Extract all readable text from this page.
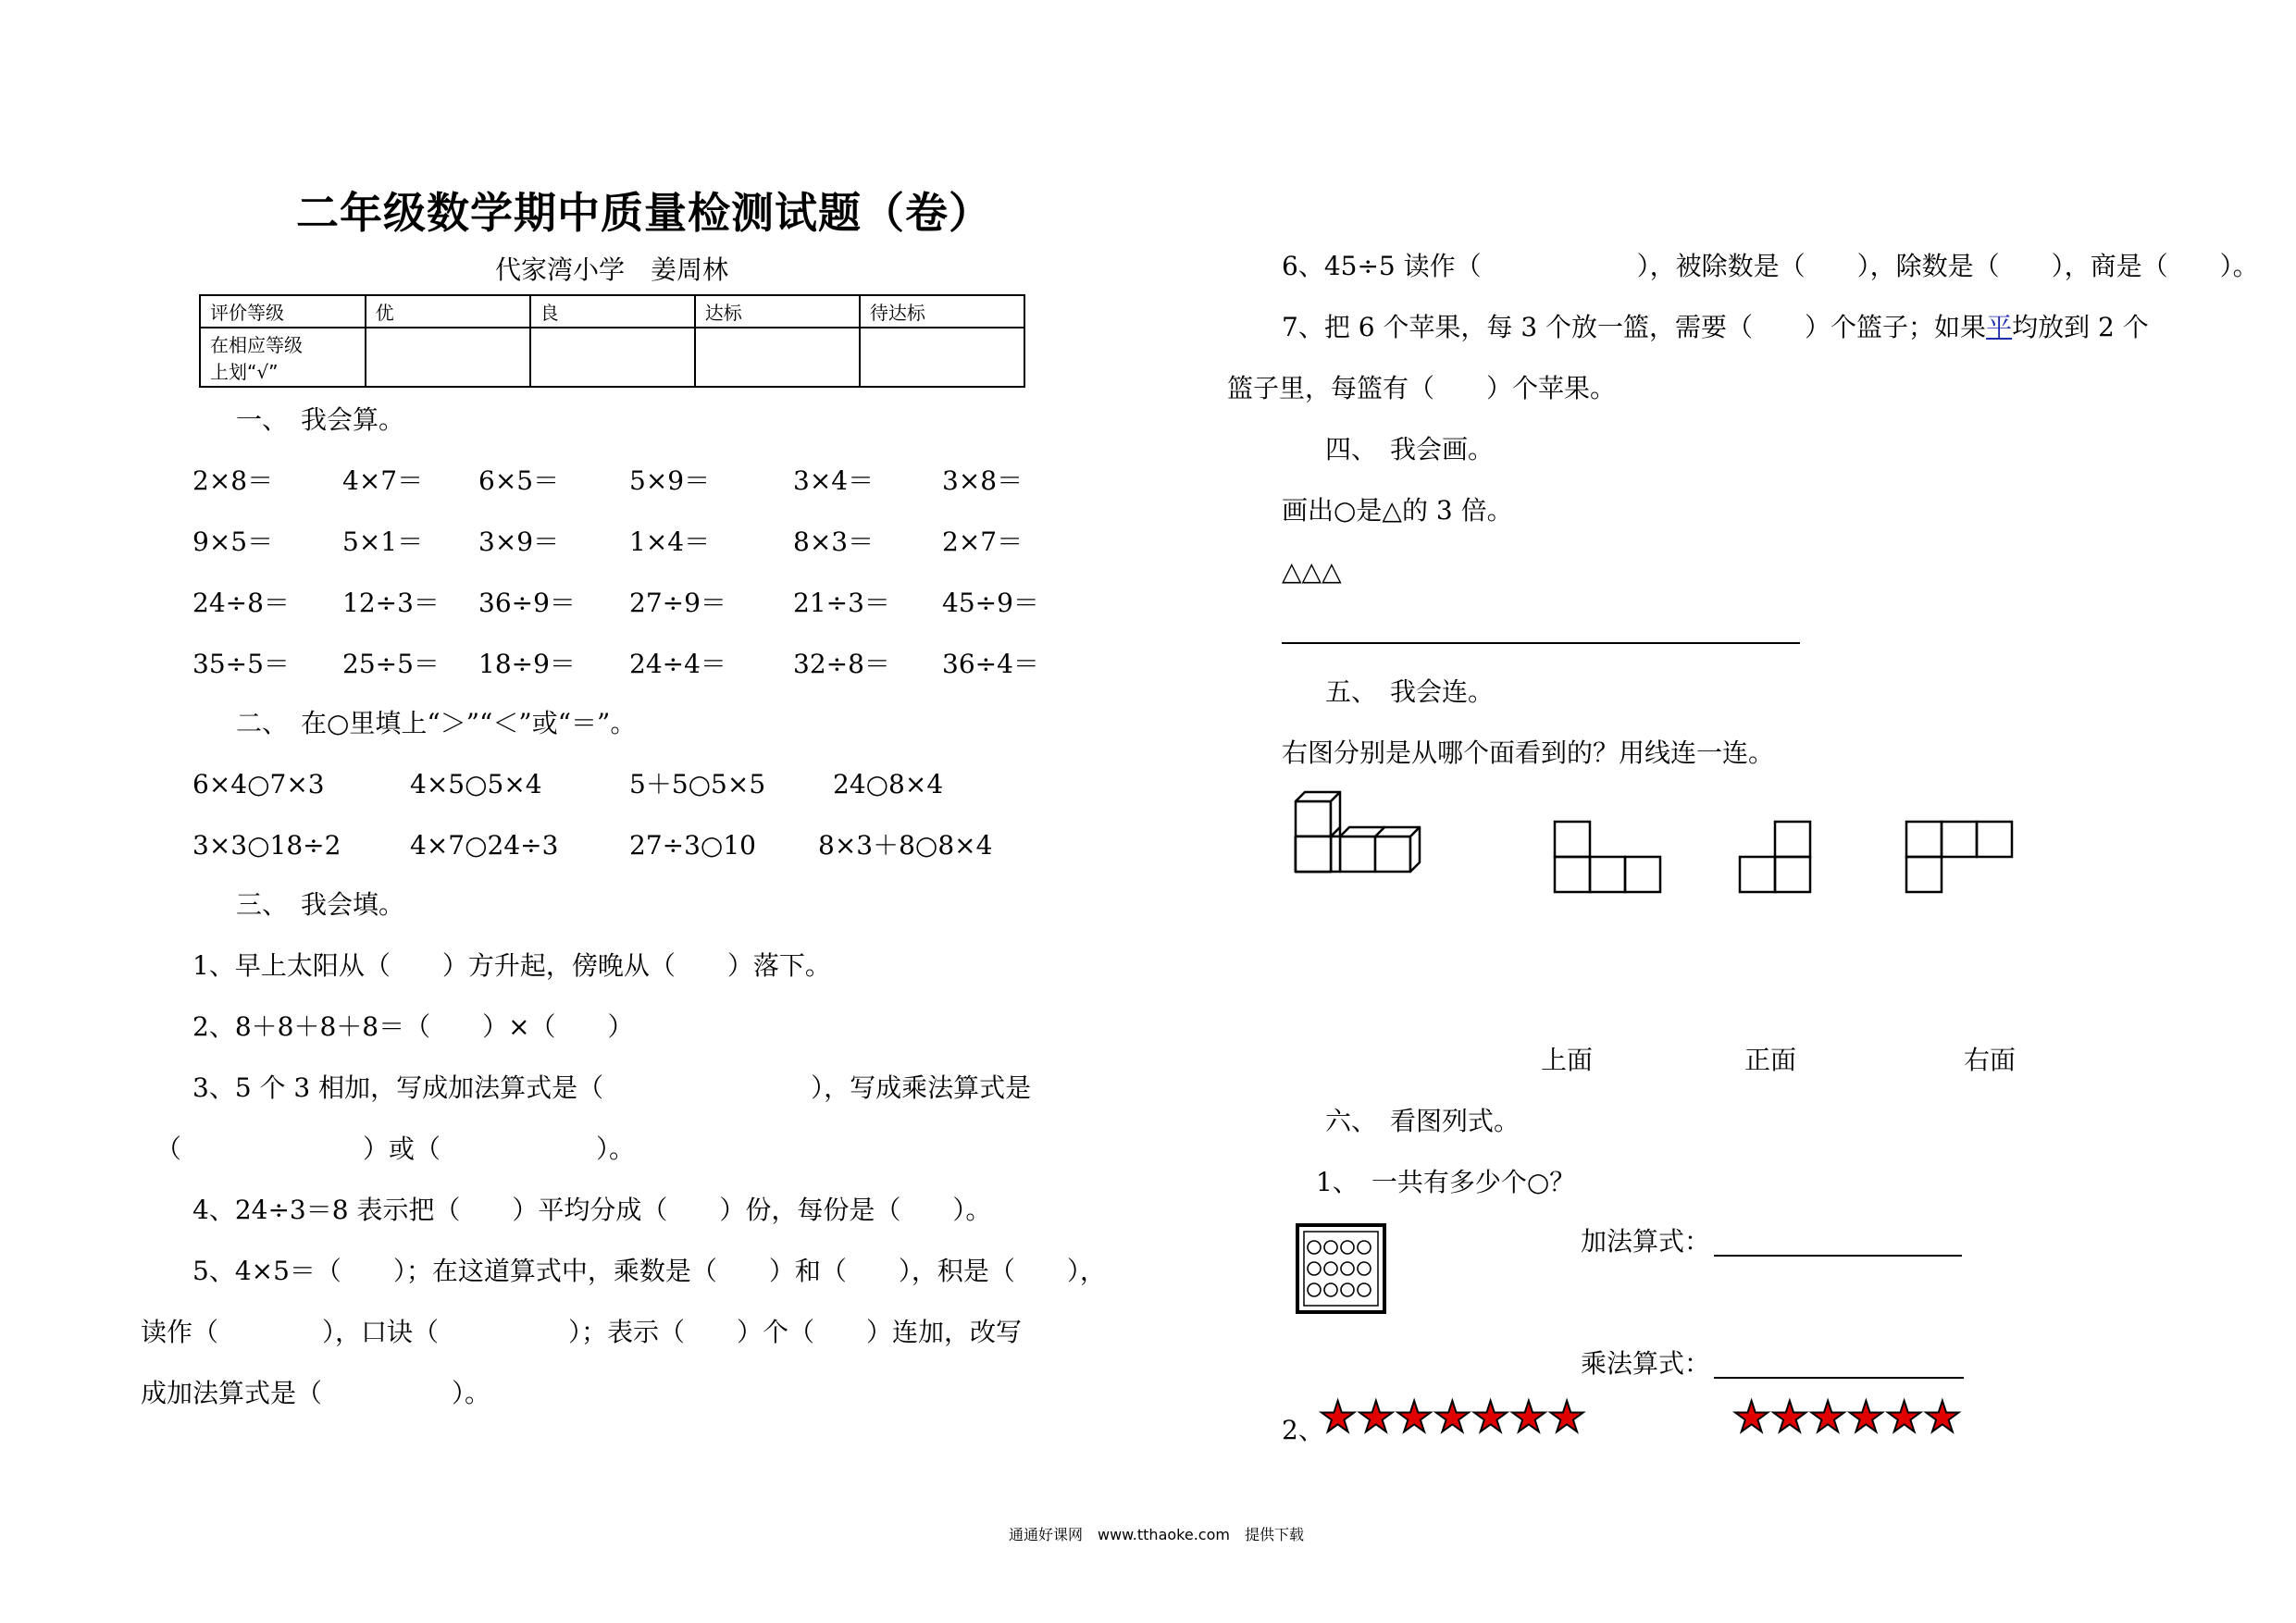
二年级数学期中质量检测试题（卷）
代家湾小学　姜周林
评价等级	优	良	达标	待达标
在相应等级
上划“√”				
一、　我会算。
2×8＝	4×7＝ 6×5＝	5×9＝	3×4＝	3×8＝
9×5＝	5×1＝ 3×9＝	1×4＝	8×3＝	2×7＝
24÷8＝ 12÷3＝ 36÷9＝ 27÷9＝	21÷3＝ 45÷9＝
35÷5＝ 25÷5＝ 18÷9＝ 24÷4＝	32÷8＝ 36÷4＝
二、　在○里填上“＞”“＜”或“＝”。
6×4○7×3	4×5○5×4	5＋5○5×5	24○8×4
3×3○18÷2	4×7○24÷3	27÷3○10 8×3＋8○8×4
三、　我会填。
1、早上太阳从（　　）方升起，傍晚从（　　）落下。
2、8＋8＋8＋8＝（　　）×（　　）
3、5 个 3 相加，写成加法算式是（　　　　　　　　），写成乘法算式是
（　　　　　　　）或（　　　　　　）。
4、24÷3＝8 表示把（　　）平均分成（　　）份，每份是（　　）。
5、4×5＝（　　）；在这道算式中，乘数是（　　）和（　　），积是（　　），
读作（　　　　），口诀（　　　　　）；表示（　　）个（　　）连加，改写
成加法算式是（　　　　　）。
6、45÷5 读作（　　　　　　），被除数是（　　），除数是（　　），商是（　　）。
7、把 6 个苹果，每 3 个放一篮，需要（　　）个篮子；如果平均放到 2 个
篮子里，每篮有（　　）个苹果。
四、　我会画。
画出○是△的 3 倍。
△△△
五、　我会连。
右图分别是从哪个面看到的？用线连一连。
上面	正面	右面
六、　看图列式。
1、　一共有多少个○？
加法算式：
乘法算式：
2、
★★★★★★★	★★★★★★
通通好课网　www.tthaoke.com　提供下载
